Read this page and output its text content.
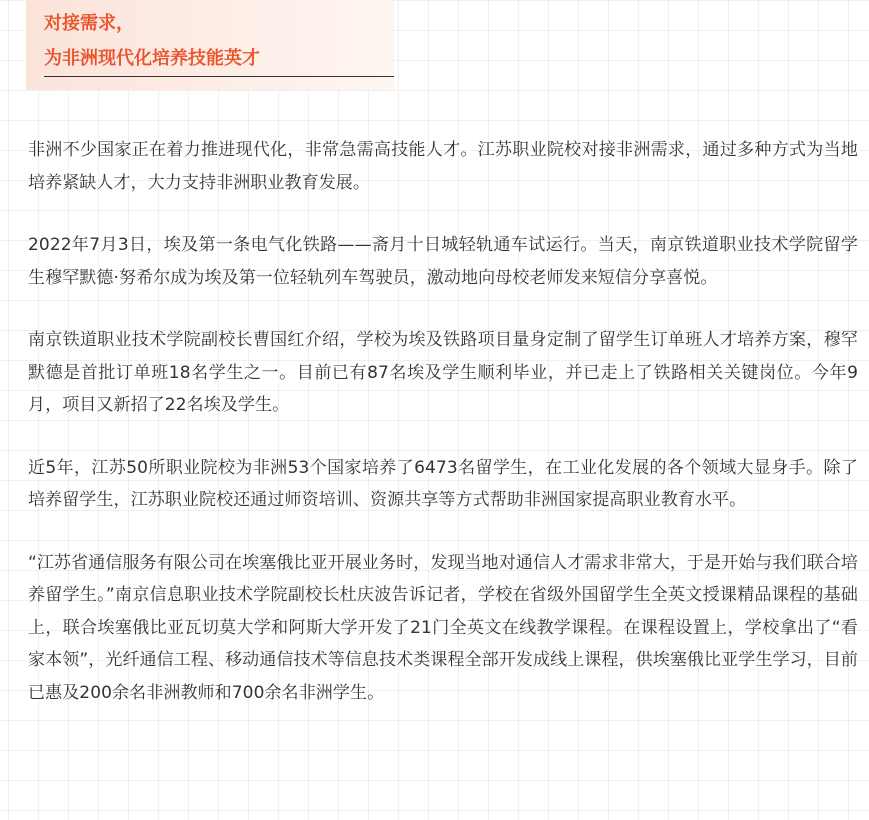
对接需求，
为非洲现代化培养技能英才

非洲不少国家正在着力推进现代化，非常急需高技能人才。江苏职业院校对接非洲需求，通过多种方式为当地培养紧缺人才，大力支持非洲职业教育发展。

2022年7月3日，埃及第一条电气化铁路——斋月十日城轻轨通车试运行。当天，南京铁道职业技术学院留学生穆罕默德·努希尔成为埃及第一位轻轨列车驾驶员，激动地向母校老师发来短信分享喜悦。

南京铁道职业技术学院副校长曹国红介绍，学校为埃及铁路项目量身定制了留学生订单班人才培养方案，穆罕默德是首批订单班18名学生之一。目前已有87名埃及学生顺利毕业，并已走上了铁路相关关键岗位。今年9月，项目又新招了22名埃及学生。

近5年，江苏50所职业院校为非洲53个国家培养了6473名留学生，在工业化发展的各个领域大显身手。除了培养留学生，江苏职业院校还通过师资培训、资源共享等方式帮助非洲国家提高职业教育水平。

“江苏省通信服务有限公司在埃塞俄比亚开展业务时，发现当地对通信人才需求非常大，于是开始与我们联合培养留学生。”南京信息职业技术学院副校长杜庆波告诉记者，学校在省级外国留学生全英文授课精品课程的基础上，联合埃塞俄比亚瓦切莫大学和阿斯大学开发了21门全英文在线教学课程。在课程设置上，学校拿出了“看家本领”，光纤通信工程、移动通信技术等信息技术类课程全部开发成线上课程，供埃塞俄比亚学生学习，目前已惠及200余名非洲教师和700余名非洲学生。
